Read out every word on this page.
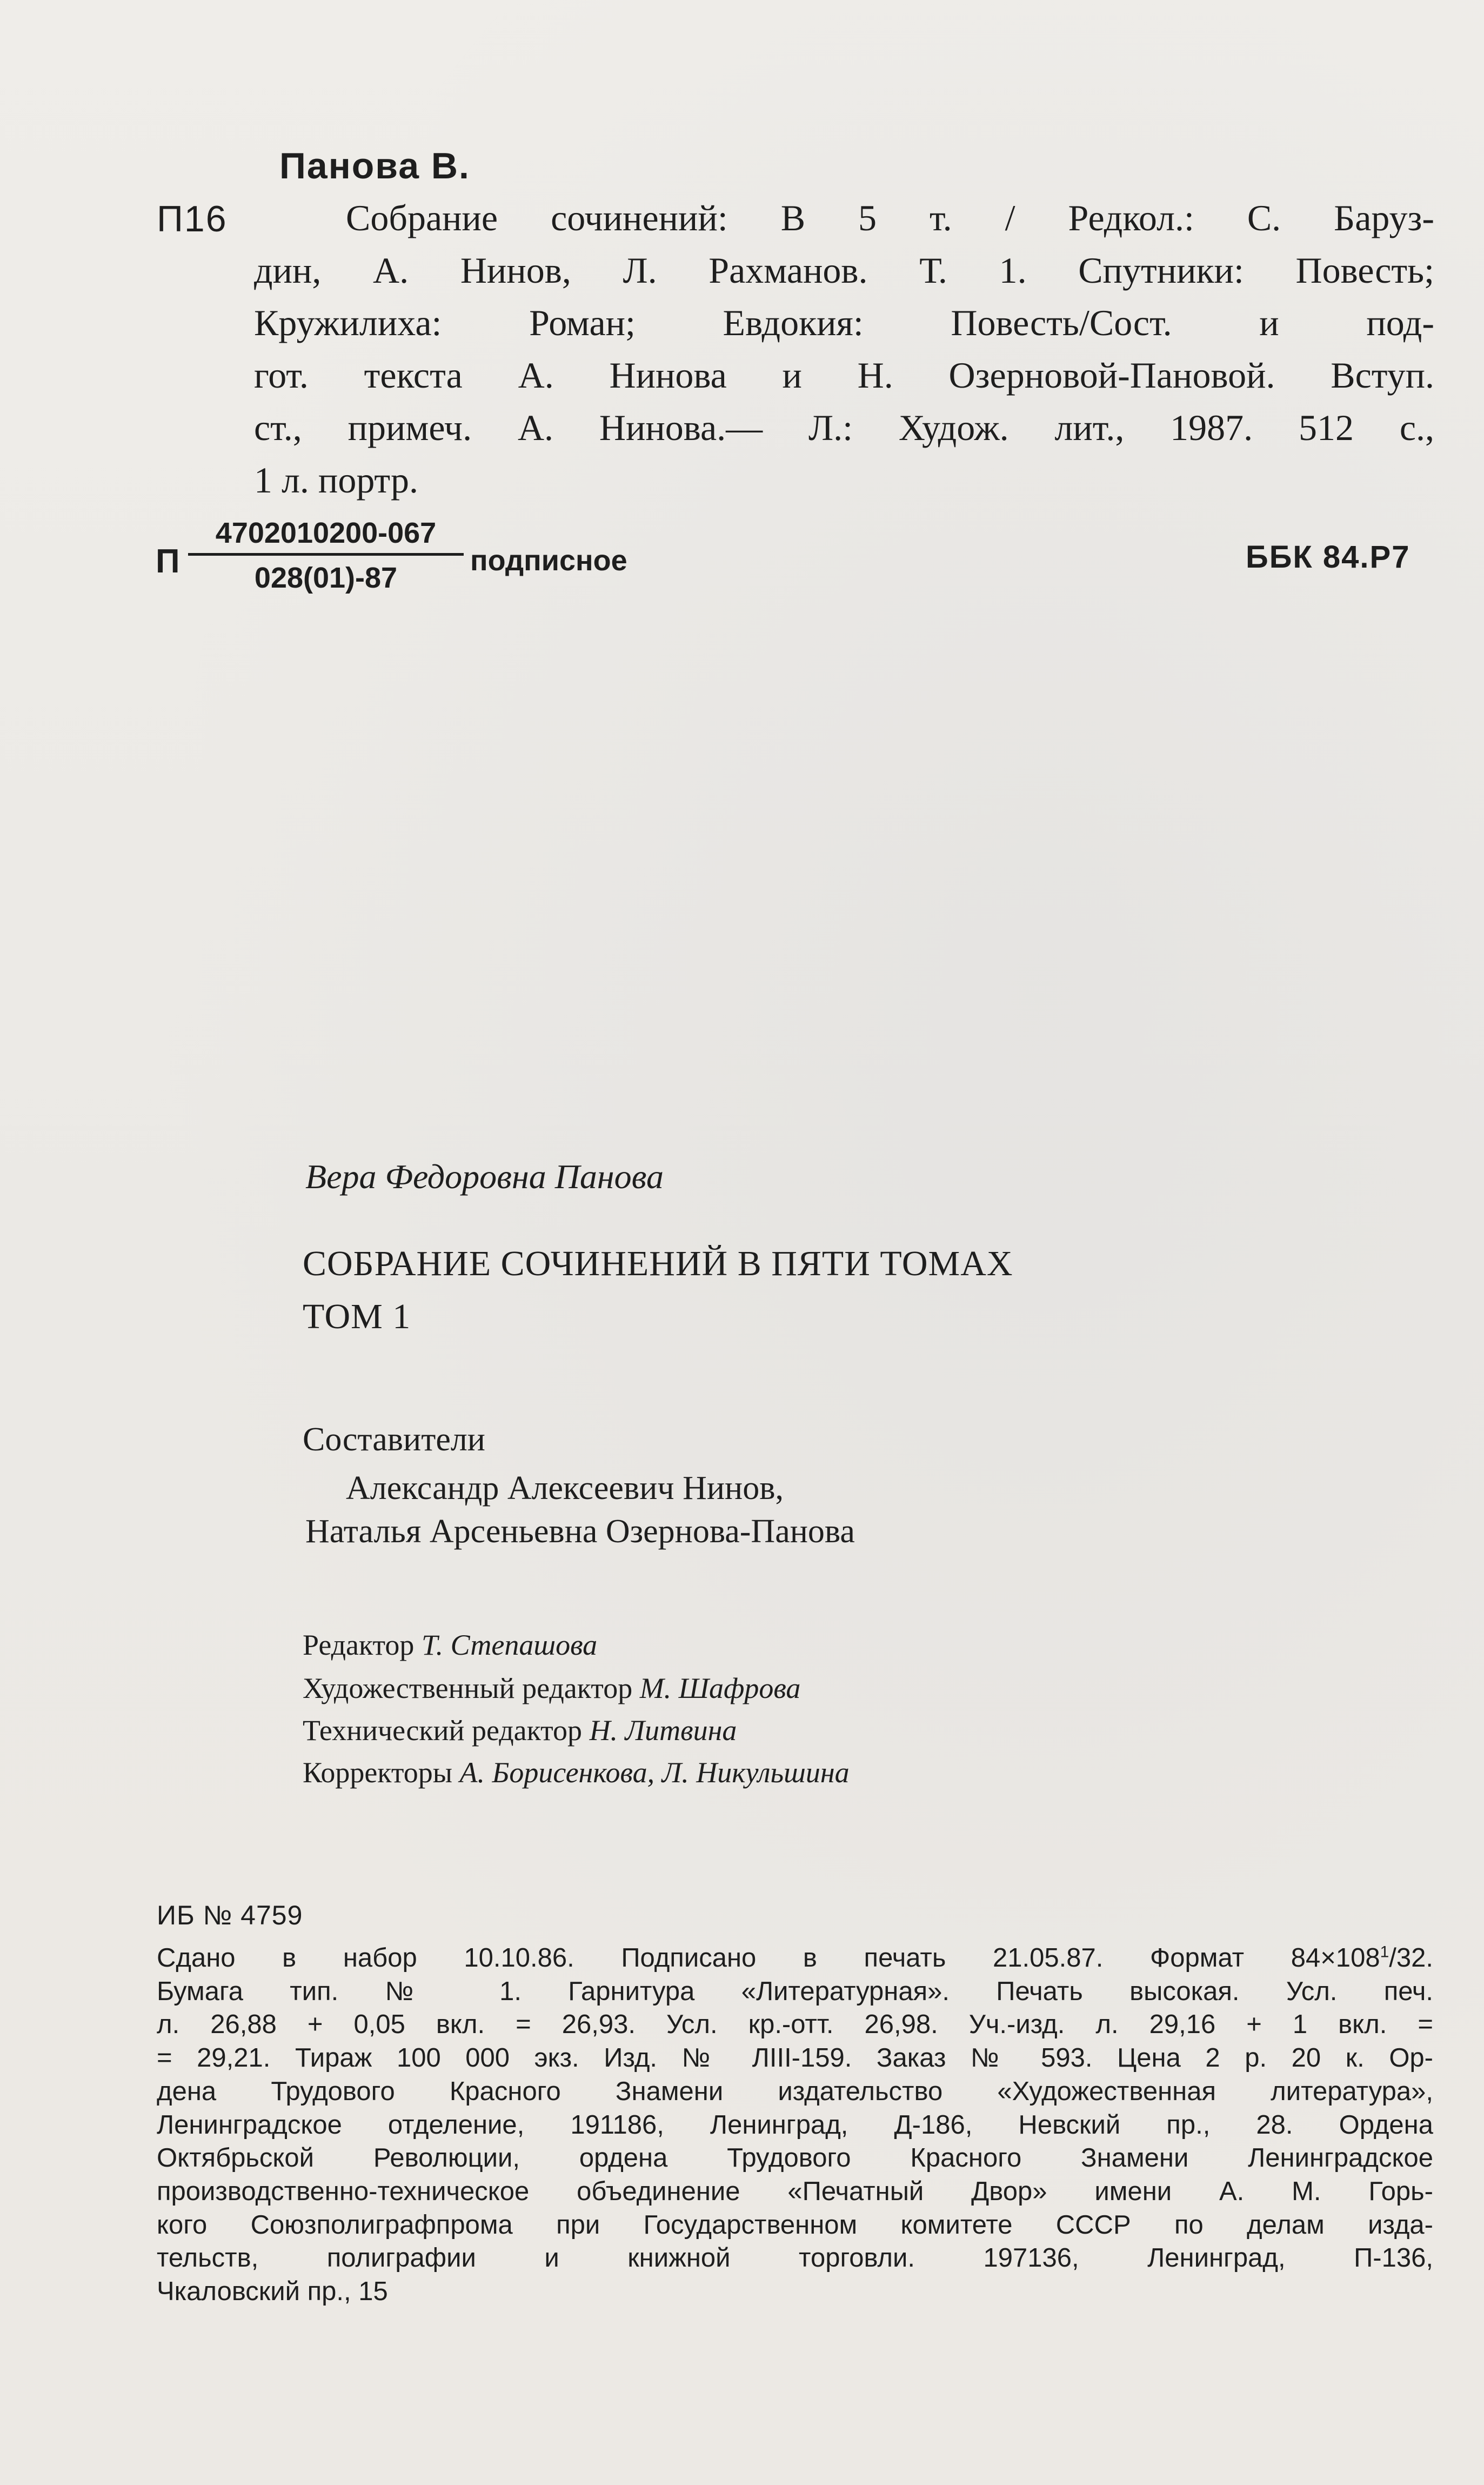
Панова В.
П16	Собрание сочинений: В 5 т. / Редкол.: С. Баруз-
дин, А. Нинов, Л. Рахманов. Т. 1. Спутники: Повесть;
Кружилиха: Роман; Евдокия: Повесть/Сост. и под-
гот. текста А. Нинова и Н. Озерновой-Пановой. Вступ.
ст., примеч. А. Нинова.— Л.: Худож. лит., 1987. 512 с.,
1 л. портр.
П
4702010200-067
028(01)-87
подписное	ББК 84.Р7
Вера Федоровна Панова
СОБРАНИЕ СОЧИНЕНИЙ В ПЯТИ ТОМАХ
ТОМ 1
Составители
Александр Алексеевич Нинов,
Наталья Арсеньевна Озернова-Панова
Редактор Т. Степашова
Художественный редактор М. Шафрова
Технический редактор Н. Литвина
Корректоры А. Борисенкова, Л. Никульшина
ИБ № 4759
Сдано в набор 10.10.86. Подписано в печать 21.05.87. Формат $84\times 108^1/32$.
Бумага тип. № 1. Гарнитура «Литературная». Печать высокая. Усл. печ.
л. 26,88 + 0,05 вкл. = 26,93. Усл. кр.-отт. 26,98. Уч.-изд. л. 29,16 + 1 вкл. =
= 29,21. Тираж 100 000 экз. Изд. № ЛIII-159. Заказ № 593. Цена 2 р. 20 к. Ор-
дена Трудового Красного Знамени издательство «Художественная литература»,
Ленинградское отделение, 191186, Ленинград, Д-186, Невский пр., 28. Ордена
Октябрьской Революции, ордена Трудового Красного Знамени Ленинградское
производственно-техническое объединение «Печатный Двор» имени А. М. Горь-
кого Союзполиграфпрома при Государственном комитете СССР по делам изда-
тельств, полиграфии и книжной торговли. 197136, Ленинград, П-136,
Чкаловский пр., 15
